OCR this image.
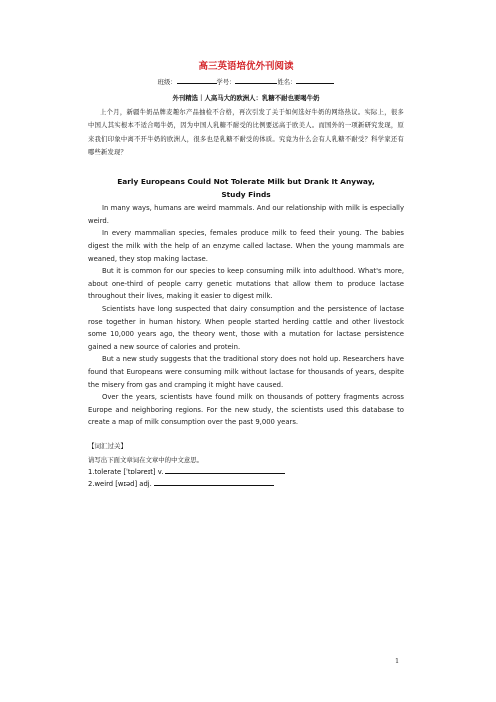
高三英语培优外刊阅读
班级：	学号：	姓名：
外刊精选｜人高马大的欧洲人：乳糖不耐也要喝牛奶

上个月，新疆牛奶品牌麦趣尔产品抽检不合格，再次引发了关于如何选好牛奶的网络热议。实际上，很多中国人其实根本不适合喝牛奶，因为中国人乳糖不耐受的比例要远高于欧美人。而国外的一项新研究发现，原来我们印象中离不开牛奶的欧洲人，很多也是乳糖不耐受的体质。究竟为什么会有人乳糖不耐受？科学家还有哪些新发现？

Early Europeans Could Not Tolerate Milk but Drank It Anyway, Study Finds

In many ways, humans are weird mammals. And our relationship with milk is especially weird.

In every mammalian species, females produce milk to feed their young. The babies digest the milk with the help of an enzyme called lactase. When the young mammals are weaned, they stop making lactase.

But it is common for our species to keep consuming milk into adulthood. What's more, about one-third of people carry genetic mutations that allow them to produce lactase throughout their lives, making it easier to digest milk.

Scientists have long suspected that dairy consumption and the persistence of lactase rose together in human history. When people started herding cattle and other livestock some 10,000 years ago, the theory went, those with a mutation for lactase persistence gained a new source of calories and protein.

But a new study suggests that the traditional story does not hold up. Researchers have found that Europeans were consuming milk without lactase for thousands of years, despite the misery from gas and cramping it might have caused.

Over the years, scientists have found milk on thousands of pottery fragments across Europe and neighboring regions. For the new study, the scientists used this database to create a map of milk consumption over the past 9,000 years.

【词汇过关】
请写出下面文章词在文章中的中文意思。
1.tolerate [ˈtɒlәreɪt] v.
2.weird [wɪәd] adj.
1
